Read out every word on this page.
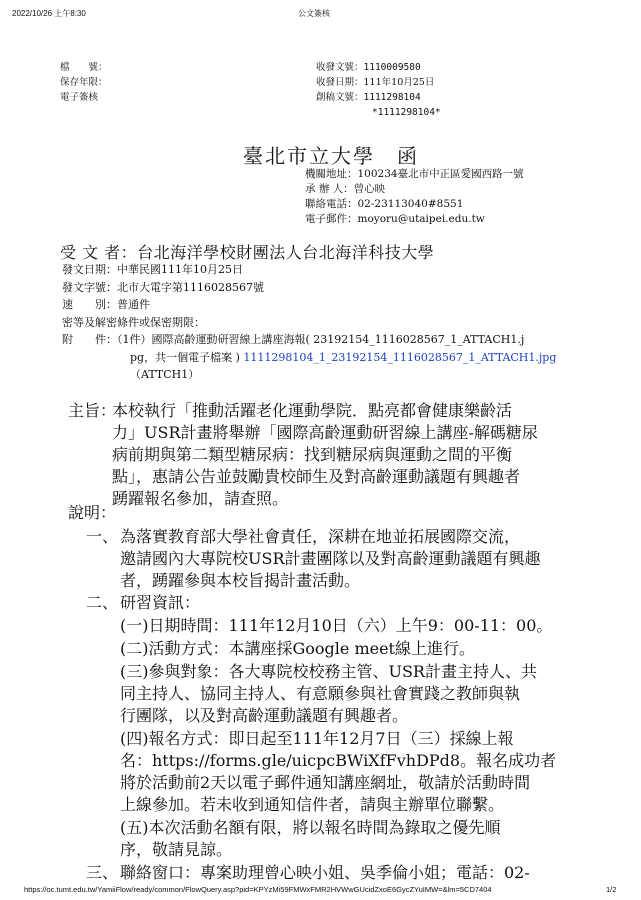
2022/10/26 上午8:30	公文簽核
檔　　號：
保存年限：
電子簽核
收發文號：1110009580
收發日期：111年10月25日
創稿文號：1111298104
*1111298104*
臺北市立大學　函
機關地址：100234臺北市中正區愛國西路一號
承 辦 人：曾心映
聯絡電話：02-23113040#8551
電子郵件：moyoru@utaipei.edu.tw
受 文 者：台北海洋學校財團法人台北海洋科技大學
發文日期：中華民國111年10月25日
發文字號：北市大電字第1116028567號
速　　別：普通件
密等及解密條件或保密期限：
附　　件：（1件）國際高齡運動研習線上講座海報( 23192154_1116028567_1_ATTACH1.j
pg，共一個電子檔案 ) 1111298104_1_23192154_1116028567_1_ATTACH1.jpg
（ATTCH1）
主旨：
本校執行「推動活躍老化運動學院．點亮都會健康樂齡活
力」USR計畫將舉辦「國際高齡運動研習線上講座-解碼糖尿
病前期與第二類型糖尿病：找到糖尿病與運動之間的平衡
點」，惠請公告並鼓勵貴校師生及對高齡運動議題有興趣者
踴躍報名參加，請查照。
說明：
一、 為落實教育部大學社會責任，深耕在地並拓展國際交流，
邀請國內大專院校USR計畫團隊以及對高齡運動議題有興趣
者，踴躍參與本校旨揭計畫活動。
二、 研習資訊：
(一)日期時間：111年12月10日（六）上午9：00-11：00。
(二)活動方式：本講座採Google meet線上進行。
(三)參與對象：各大專院校校務主管、USR計畫主持人、共
同主持人、協同主持人、有意願參與社會實踐之教師與執
行團隊，以及對高齡運動議題有興趣者。
(四)報名方式：即日起至111年12月7日（三）採線上報
名：https://forms.gle/uicpcBWiXfFvhDPd8。報名成功者
將於活動前2天以電子郵件通知講座網址，敬請於活動時間
上線參加。若未收到通知信件者，請與主辦單位聯繫。
(五)本次活動名額有限，將以報名時間為錄取之優先順
序，敬請見諒。
三、 聯絡窗口：專案助理曾心映小姐、吳季倫小姐；電話：02-
https://oc.tumt.edu.tw/YamiiFlow/ready/common/FlowQuery.asp?pid=KPYzMi59FMWxFMR2HVWwGUcidZxoE6GycZYuIMW=&lm=5CD7404	1/2
